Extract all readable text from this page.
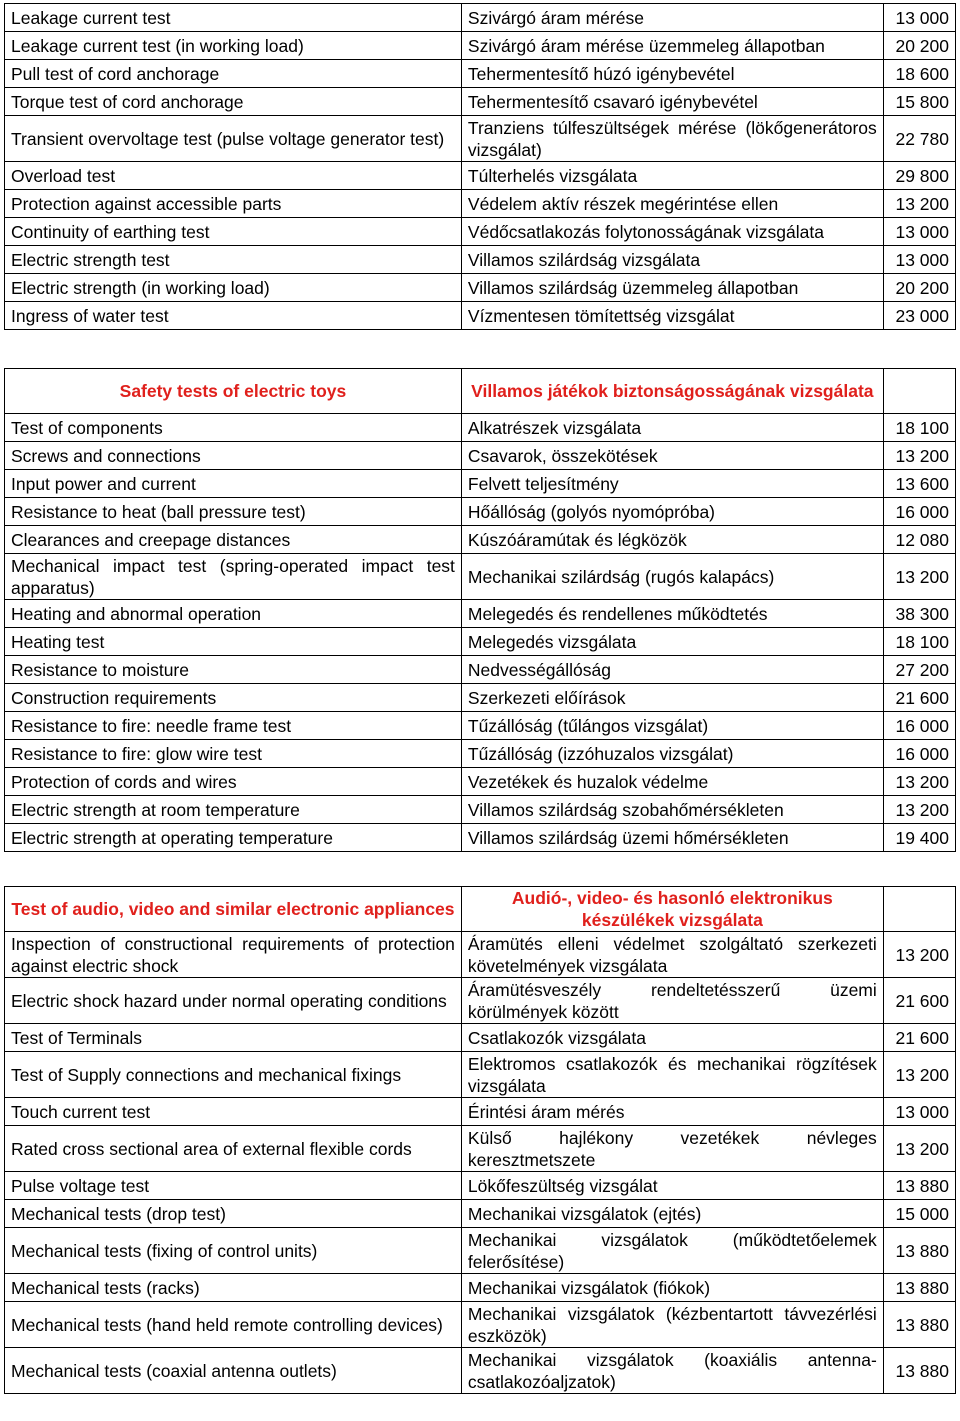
Leakage current test	Szivárgó áram mérése	13 000
Leakage current test (in working load)	Szivárgó áram mérése üzemmeleg állapotban	20 200
Pull test of cord anchorage	Tehermentesítő húzó igénybevétel	18 600
Torque test of cord anchorage	Tehermentesítő csavaró igénybevétel	15 800
Transient overvoltage test (pulse voltage generator test)	Tranziens túlfeszültségek mérése (lökőgenerátoros vizsgálat)	22 780
Overload test	Túlterhelés vizsgálata	29 800
Protection against accessible parts	Védelem aktív részek megérintése ellen	13 200
Continuity of earthing test	Védőcsatlakozás folytonosságának vizsgálata	13 000
Electric strength test	Villamos szilárdság vizsgálata	13 000
Electric strength (in working load)	Villamos szilárdság üzemmeleg állapotban	20 200
Ingress of water test	Vízmentesen tömítettség vizsgálat	23 000
Safety tests of electric toys	Villamos játékok biztonságosságának vizsgálata	
Test of components	Alkatrészek vizsgálata	18 100
Screws and connections	Csavarok, összekötések	13 200
Input power and current	Felvett teljesítmény	13 600
Resistance to heat (ball pressure test)	Hőállóság (golyós nyomópróba)	16 000
Clearances and creepage distances	Kúszóáramútak és légközök	12 080
Mechanical impact test (spring-operated impact test apparatus)	Mechanikai szilárdság (rugós kalapács)	13 200
Heating and abnormal operation	Melegedés és rendellenes működtetés	38 300
Heating test	Melegedés vizsgálata	18 100
Resistance to moisture	Nedvességállóság	27 200
Construction requirements	Szerkezeti előírások	21 600
Resistance to fire: needle frame test	Tűzállóság (tűlángos vizsgálat)	16 000
Resistance to fire: glow wire test	Tűzállóság (izzóhuzalos vizsgálat)	16 000
Protection of cords and wires	Vezetékek és huzalok védelme	13 200
Electric strength at room temperature	Villamos szilárdság szobahőmérsékleten	13 200
Electric strength at operating temperature	Villamos szilárdság üzemi hőmérsékleten	19 400
Test of audio, video and similar electronic appliances	Audió-, video- és hasonló elektronikus készülékek vizsgálata	
Inspection of constructional requirements of protection against electric shock	Áramütés elleni védelmet szolgáltató szerkezeti követelmények vizsgálata	13 200
Electric shock hazard under normal operating conditions	Áramütésveszély rendeltetésszerű üzemi körülmények között	21 600
Test of Terminals	Csatlakozók vizsgálata	21 600
Test of Supply connections and mechanical fixings	Elektromos csatlakozók és mechanikai rögzítések vizsgálata	13 200
Touch current test	Érintési áram mérés	13 000
Rated cross sectional area of external flexible cords	Külső hajlékony vezetékek névleges keresztmetszete	13 200
Pulse voltage test	Lökőfeszültség vizsgálat	13 880
Mechanical tests (drop test)	Mechanikai vizsgálatok (ejtés)	15 000
Mechanical tests (fixing of control units)	Mechanikai vizsgálatok (működtetőelemek felerősítése)	13 880
Mechanical tests (racks)	Mechanikai vizsgálatok (fiókok)	13 880
Mechanical tests (hand held remote controlling devices)	Mechanikai vizsgálatok (kézbentartott távvezérlési eszközök)	13 880
Mechanical tests (coaxial antenna outlets)	Mechanikai vizsgálatok (koaxiális antenna-csatlakozóaljzatok)	13 880
